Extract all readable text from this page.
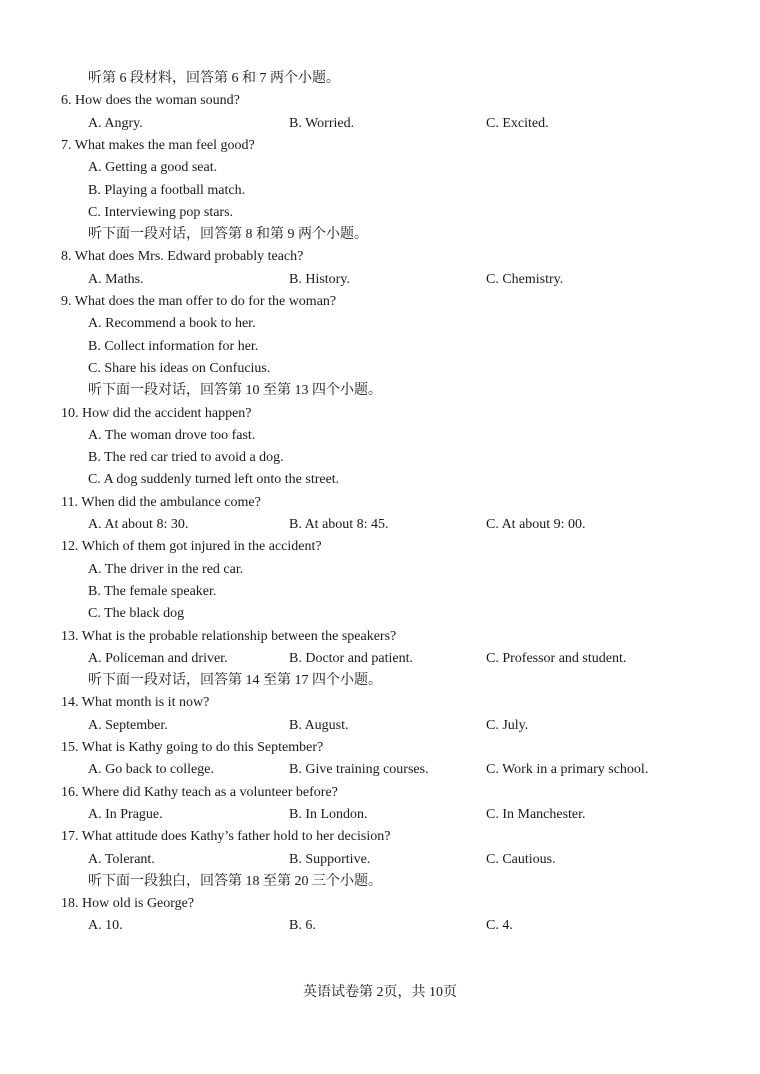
听第 6 段材料，回答第 6 和 7 两个小题。
6. How does the woman sound?
A. Angry.	B. Worried.	C. Excited.
7. What makes the man feel good?
A. Getting a good seat.
B. Playing a football match.
C. Interviewing pop stars.
听下面一段对话，回答第 8 和第 9 两个小题。
8. What does Mrs. Edward probably teach?
A. Maths.	B. History.	C. Chemistry.
9. What does the man offer to do for the woman?
A. Recommend a book to her.
B. Collect information for her.
C. Share his ideas on Confucius.
听下面一段对话，回答第 10 至第 13 四个小题。
10. How did the accident happen?
A. The woman drove too fast.
B. The red car tried to avoid a dog.
C. A dog suddenly turned left onto the street.
11. When did the ambulance come?
A. At about 8: 30.	B. At about 8: 45.	C. At about 9: 00.
12. Which of them got injured in the accident?
A. The driver in the red car.
B. The female speaker.
C. The black dog
13. What is the probable relationship between the speakers?
A. Policeman and driver.	B. Doctor and patient.	C. Professor and student.
听下面一段对话，回答第 14 至第 17 四个小题。
14. What month is it now?
A. September.	B. August.	C. July.
15. What is Kathy going to do this September?
A. Go back to college.	B. Give training courses.	C. Work in a primary school.
16. Where did Kathy teach as a volunteer before?
A. In Prague.	B. In London.	C. In Manchester.
17. What attitude does Kathy’s father hold to her decision?
A. Tolerant.	B. Supportive.	C. Cautious.
听下面一段独白，回答第 18 至第 20 三个小题。
18. How old is George?
A. 10.	B. 6.	C. 4.
英语试卷第 2页，共 10页
